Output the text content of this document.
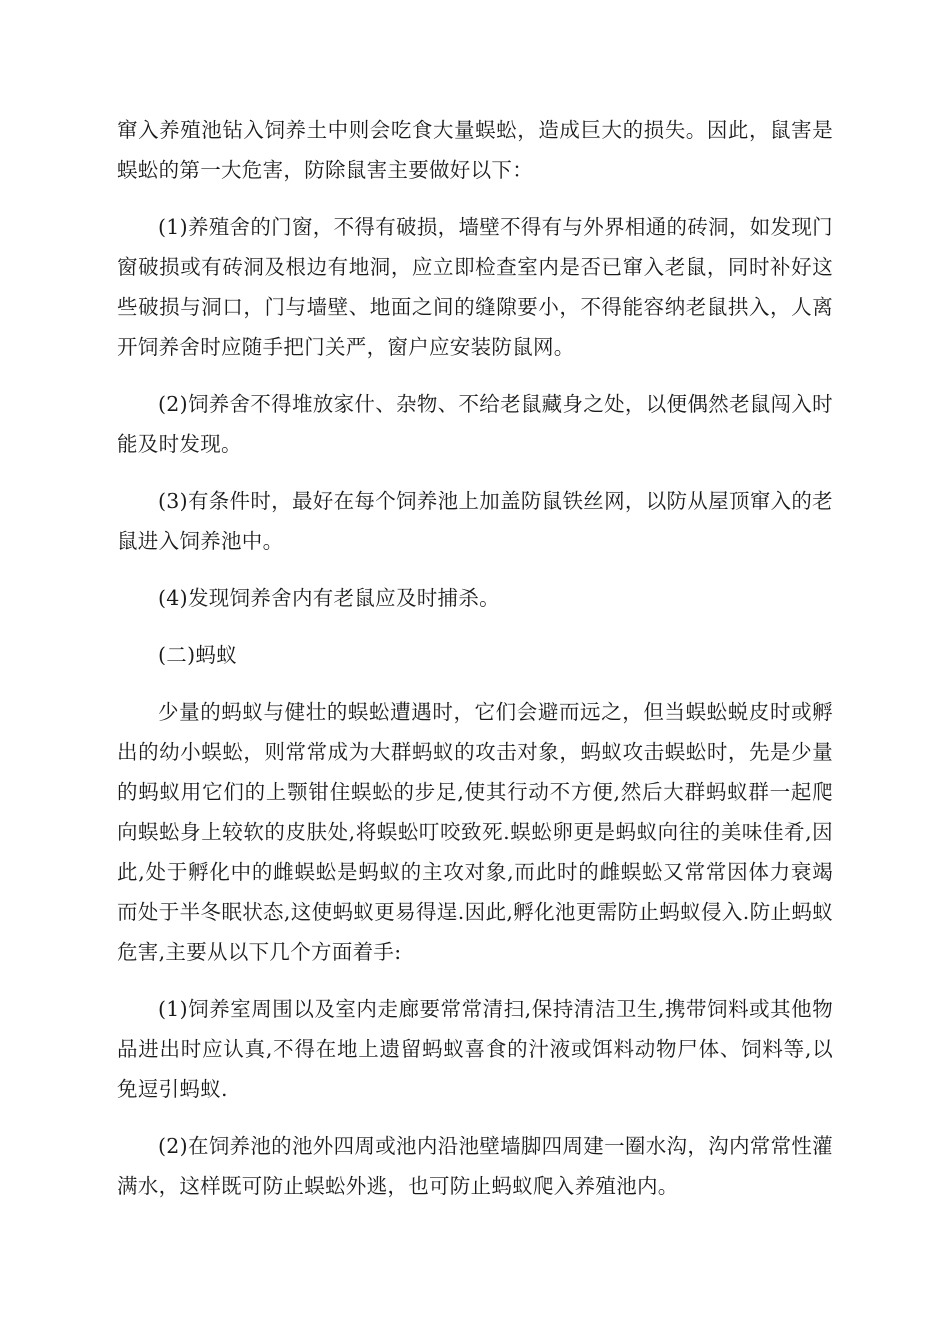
窜入养殖池钻入饲养土中则会吃食大量蜈蚣，造成巨大的损失。因此，鼠害是蜈蚣的第一大危害，防除鼠害主要做好以下：

(1)养殖舍的门窗，不得有破损，墙壁不得有与外界相通的砖洞，如发现门窗破损或有砖洞及根边有地洞，应立即检查室内是否已窜入老鼠，同时补好这些破损与洞口，门与墙壁、地面之间的缝隙要小，不得能容纳老鼠拱入，人离开饲养舍时应随手把门关严，窗户应安装防鼠网。

(2)饲养舍不得堆放家什、杂物、不给老鼠藏身之处，以便偶然老鼠闯入时能及时发现。

(3)有条件时，最好在每个饲养池上加盖防鼠铁丝网，以防从屋顶窜入的老鼠进入饲养池中。

(4)发现饲养舍内有老鼠应及时捕杀。

(二)蚂蚁

少量的蚂蚁与健壮的蜈蚣遭遇时，它们会避而远之，但当蜈蚣蜕皮时或孵出的幼小蜈蚣，则常常成为大群蚂蚁的攻击对象，蚂蚁攻击蜈蚣时，先是少量的蚂蚁用它们的上颚钳住蜈蚣的步足,使其行动不方便,然后大群蚂蚁群一起爬向蜈蚣身上较软的皮肤处,将蜈蚣叮咬致死.蜈蚣卵更是蚂蚁向往的美味佳肴,因此,处于孵化中的雌蜈蚣是蚂蚁的主攻对象,而此时的雌蜈蚣又常常因体力衰竭而处于半冬眠状态,这使蚂蚁更易得逞.因此,孵化池更需防止蚂蚁侵入.防止蚂蚁危害,主要从以下几个方面着手:

(1)饲养室周围以及室内走廊要常常清扫,保持清洁卫生,携带饲料或其他物品进出时应认真,不得在地上遗留蚂蚁喜食的汁液或饵料动物尸体、饲料等,以免逗引蚂蚁.

(2)在饲养池的池外四周或池内沿池壁墙脚四周建一圈水沟，沟内常常性灌满水，这样既可防止蜈蚣外逃，也可防止蚂蚁爬入养殖池内。
